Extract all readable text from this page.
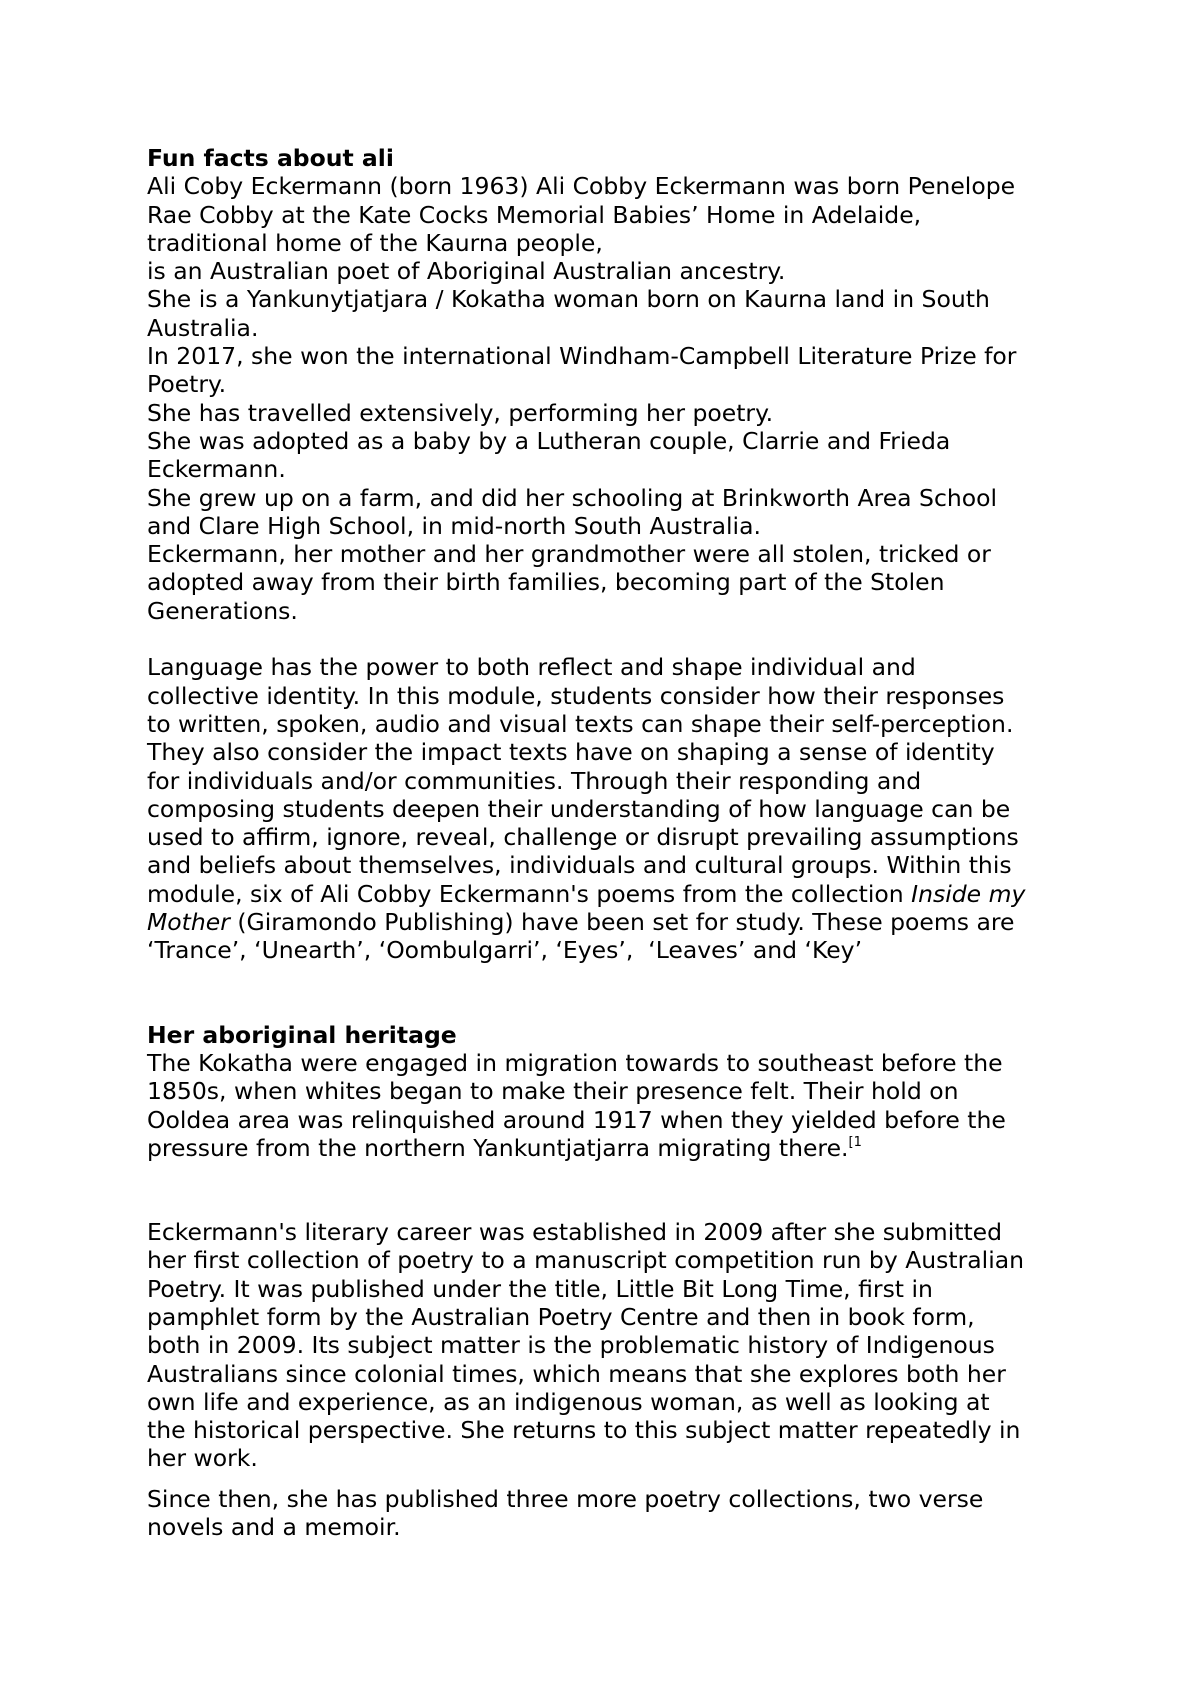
Fun facts about ali

Ali Coby Eckermann (born 1963) Ali Cobby Eckermann was born Penelope

Rae Cobby at the Kate Cocks Memorial Babies’ Home in Adelaide,

traditional home of the Kaurna people,

is an Australian poet of Aboriginal Australian ancestry.

She is a Yankunytjatjara / Kokatha woman born on Kaurna land in South

Australia.

In 2017, she won the international Windham-Campbell Literature Prize for

Poetry.

She has travelled extensively, performing her poetry.

She was adopted as a baby by a Lutheran couple, Clarrie and Frieda

Eckermann.

She grew up on a farm, and did her schooling at Brinkworth Area School

and Clare High School, in mid-north South Australia.

Eckermann, her mother and her grandmother were all stolen, tricked or

adopted away from their birth families, becoming part of the Stolen

Generations.

Language has the power to both reflect and shape individual and

collective identity. In this module, students consider how their responses

to written, spoken, audio and visual texts can shape their self-perception.

They also consider the impact texts have on shaping a sense of identity

for individuals and/or communities. Through their responding and

composing students deepen their understanding of how language can be

used to affirm, ignore, reveal, challenge or disrupt prevailing assumptions

and beliefs about themselves, individuals and cultural groups. Within this

module, six of Ali Cobby Eckermann's poems from the collection Inside my

Mother (Giramondo Publishing) have been set for study. These poems are

‘Trance’, ‘Unearth’, ‘Oombulgarri’, ‘Eyes’,  ‘Leaves’ and ‘Key’

Her aboriginal heritage

The Kokatha were engaged in migration towards to southeast before the

1850s, when whites began to make their presence felt. Their hold on

Ooldea area was relinquished around 1917 when they yielded before the

pressure from the northern Yankuntjatjarra migrating there.$^{[1}$

Eckermann's literary career was established in 2009 after she submitted

her first collection of poetry to a manuscript competition run by Australian

Poetry. It was published under the title, Little Bit Long Time, first in

pamphlet form by the Australian Poetry Centre and then in book form,

both in 2009. Its subject matter is the problematic history of Indigenous

Australians since colonial times, which means that she explores both her

own life and experience, as an indigenous woman, as well as looking at

the historical perspective. She returns to this subject matter repeatedly in

her work.

Since then, she has published three more poetry collections, two verse

novels and a memoir.
